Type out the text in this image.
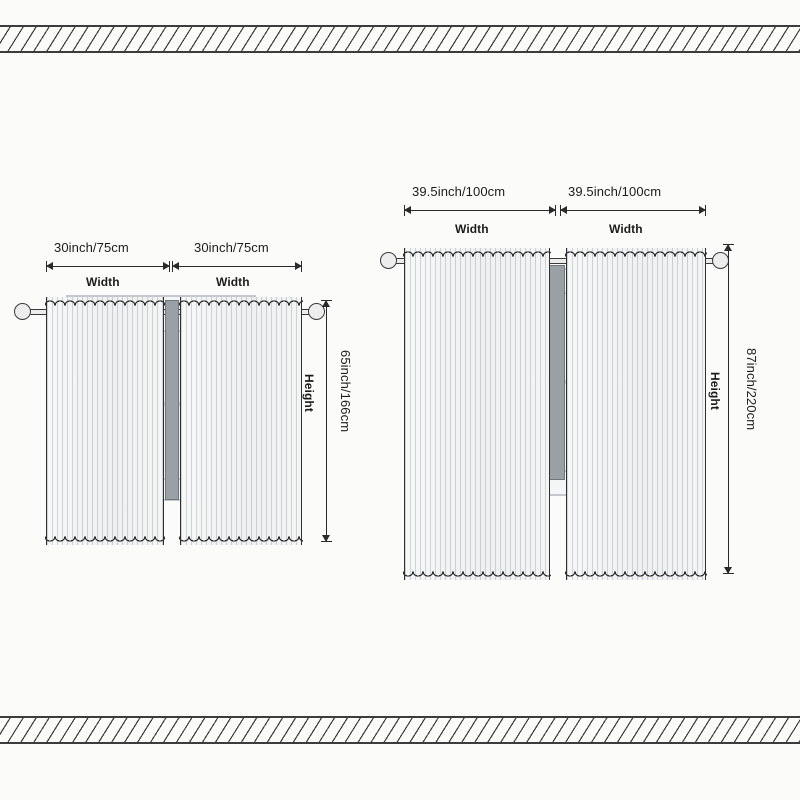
30inch/75cm	30inch/75cm
Width	Width
65inch/166cm
Height
39.5inch/100cm	39.5inch/100cm
Width	Width
87inch/220cm
Height
